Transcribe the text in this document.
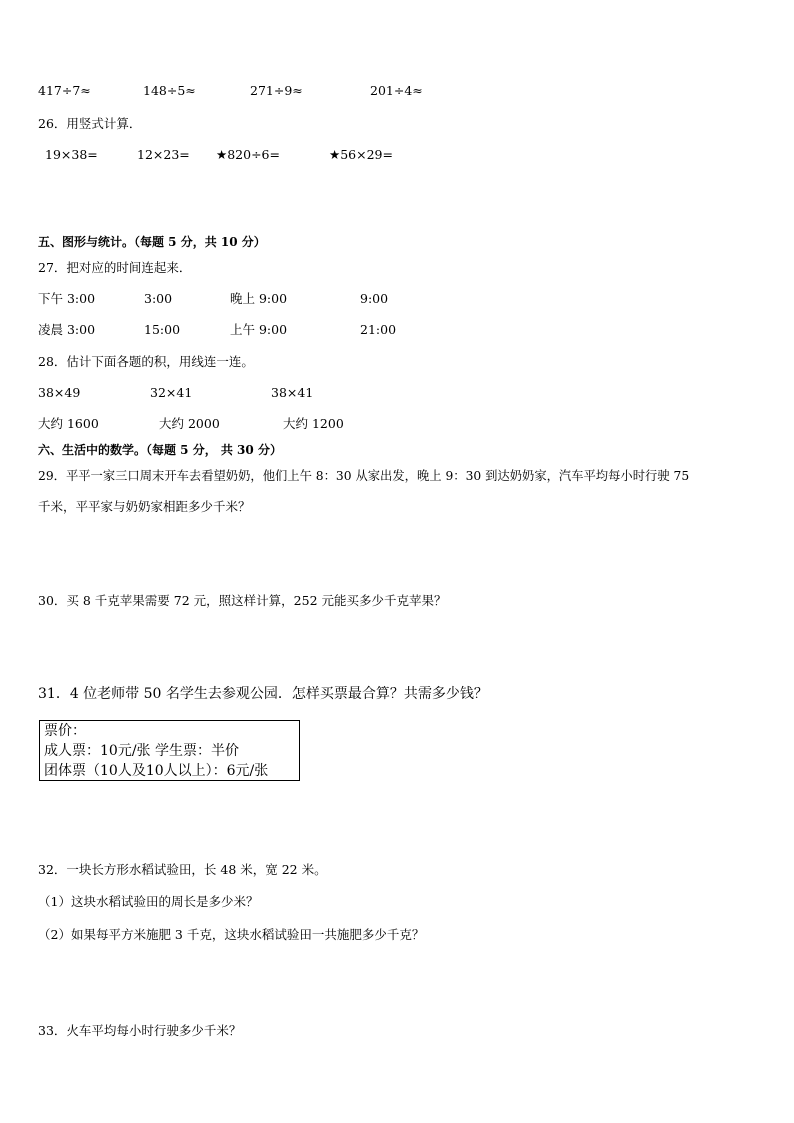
417÷7≈	148÷5≈	271÷9≈	201÷4≈
26．用竖式计算．
19×38=	12×23= ★820÷6=	★56×29=
五、图形与统计。（每题 5 分，共 10 分）
27．把对应的时间连起来．
下午 3:00	3:00	晚上 9:00	9:00
凌晨 3:00	15:00	上午 9:00	21:00
28．估计下面各题的积，用线连一连。
38×49	32×41	38×41
大约 1600	大约 2000	大约 1200
六、生活中的数学。（每题 5 分， 共 30 分）
29．平平一家三口周末开车去看望奶奶，他们上午 8：30 从家出发，晚上 9：30 到达奶奶家，汽车平均每小时行驶 75
千米，平平家与奶奶家相距多少千米？
30．买 8 千克苹果需要 72 元，照这样计算，252 元能买多少千克苹果？
31．4 位老师带 50 名学生去参观公园．怎样买票最合算？共需多少钱？
票价：
成人票：10元/张 学生票：半价
团体票（10人及10人以上）：6元/张
32．一块长方形水稻试验田，长 48 米，宽 22 米。
（1）这块水稻试验田的周长是多少米？
（2）如果每平方米施肥 3 千克，这块水稻试验田一共施肥多少千克？
33．火车平均每小时行驶多少千米？
